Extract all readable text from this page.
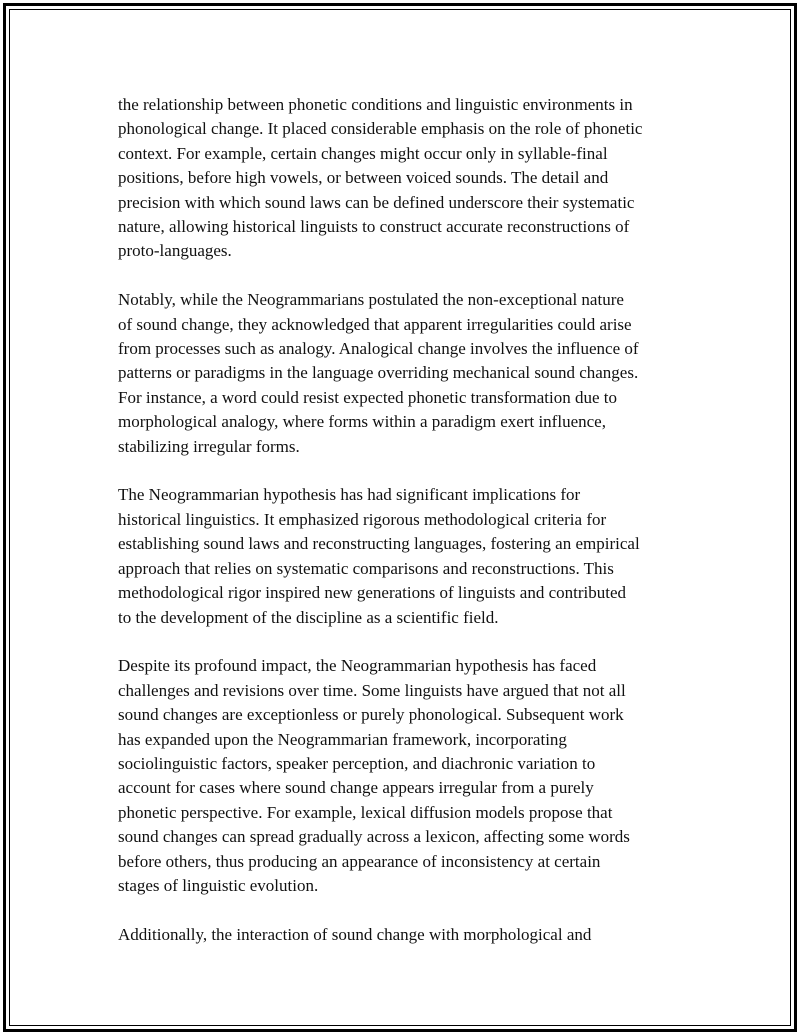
the relationship between phonetic conditions and linguistic environments in
phonological change. It placed considerable emphasis on the role of phonetic
context. For example, certain changes might occur only in syllable-final
positions, before high vowels, or between voiced sounds. The detail and
precision with which sound laws can be defined underscore their systematic
nature, allowing historical linguists to construct accurate reconstructions of
proto-languages.
Notably, while the Neogrammarians postulated the non-exceptional nature
of sound change, they acknowledged that apparent irregularities could arise
from processes such as analogy. Analogical change involves the influence of
patterns or paradigms in the language overriding mechanical sound changes.
For instance, a word could resist expected phonetic transformation due to
morphological analogy, where forms within a paradigm exert influence,
stabilizing irregular forms.
The Neogrammarian hypothesis has had significant implications for
historical linguistics. It emphasized rigorous methodological criteria for
establishing sound laws and reconstructing languages, fostering an empirical
approach that relies on systematic comparisons and reconstructions. This
methodological rigor inspired new generations of linguists and contributed
to the development of the discipline as a scientific field.
Despite its profound impact, the Neogrammarian hypothesis has faced
challenges and revisions over time. Some linguists have argued that not all
sound changes are exceptionless or purely phonological. Subsequent work
has expanded upon the Neogrammarian framework, incorporating
sociolinguistic factors, speaker perception, and diachronic variation to
account for cases where sound change appears irregular from a purely
phonetic perspective. For example, lexical diffusion models propose that
sound changes can spread gradually across a lexicon, affecting some words
before others, thus producing an appearance of inconsistency at certain
stages of linguistic evolution.
Additionally, the interaction of sound change with morphological and
